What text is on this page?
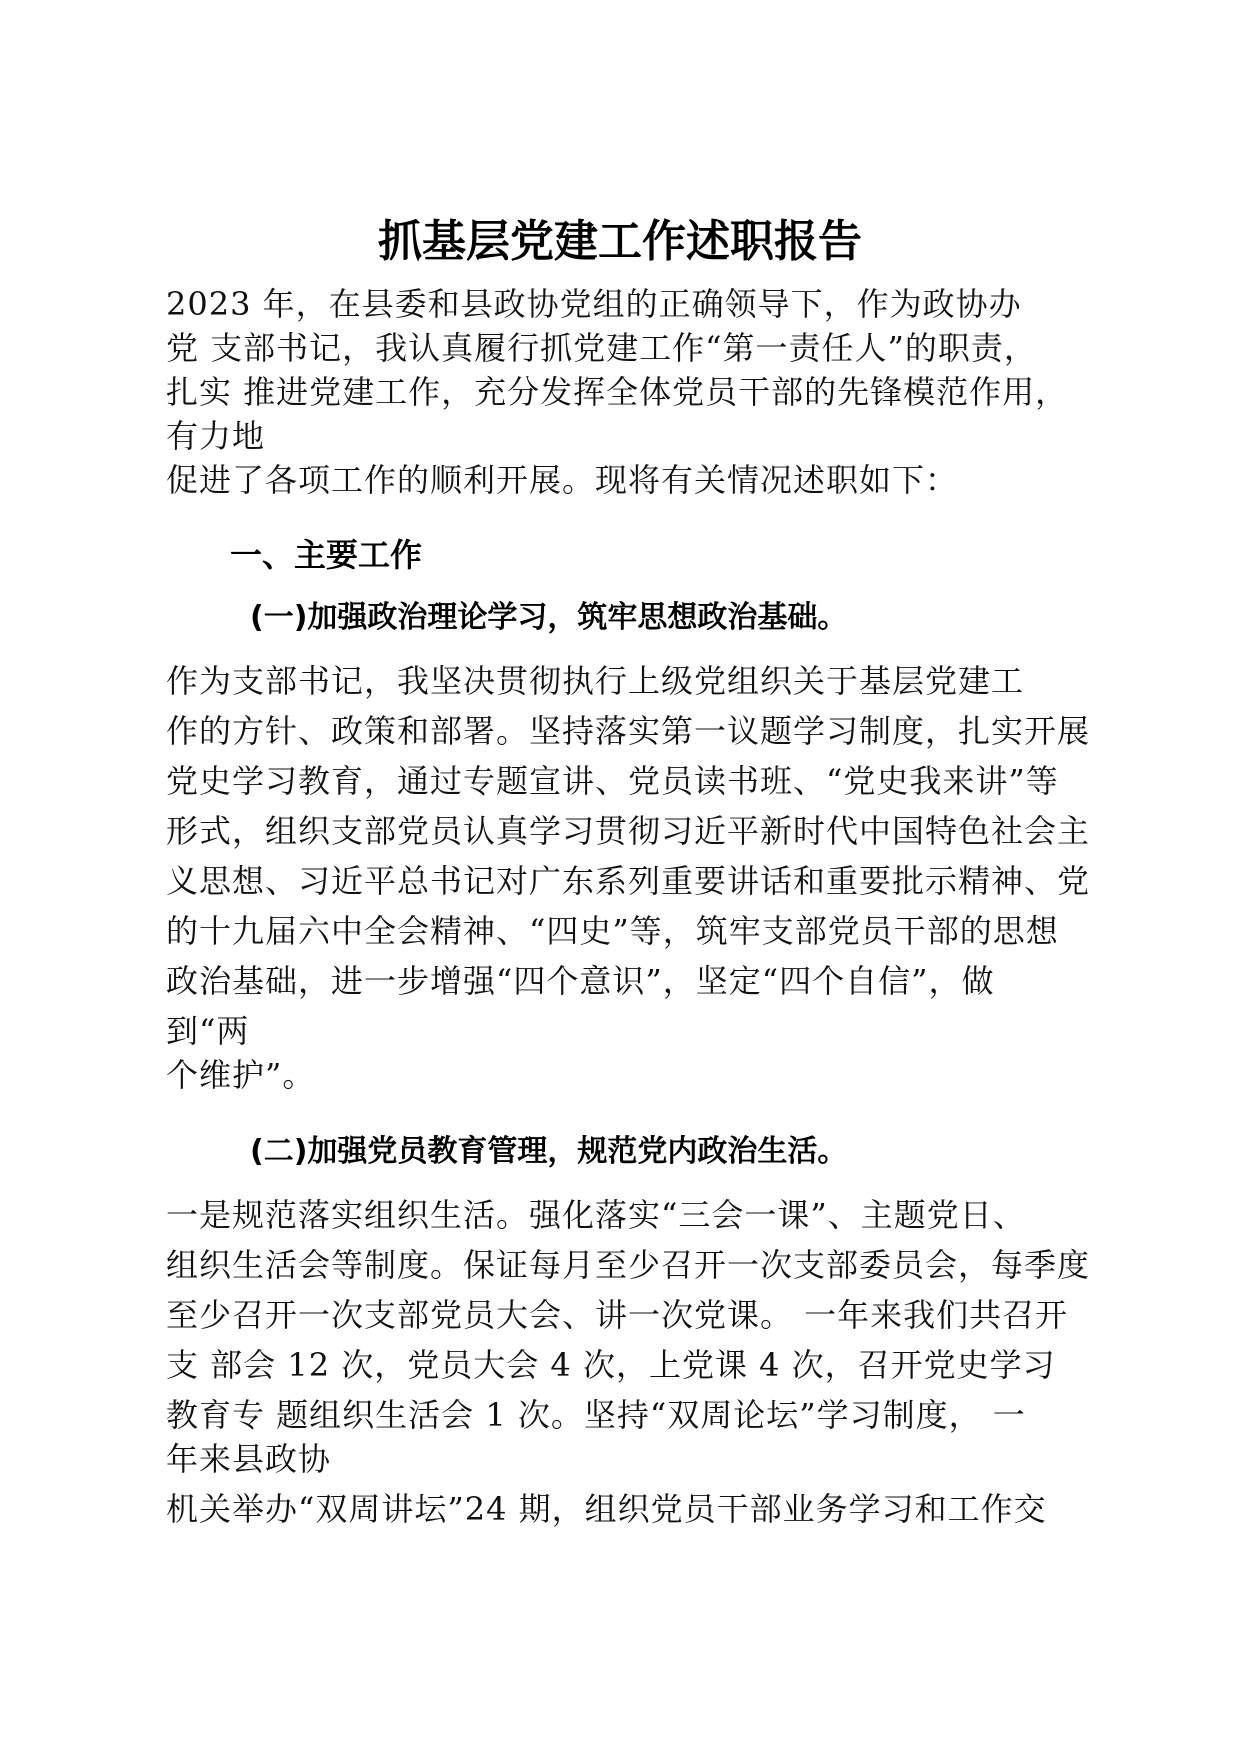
抓基层党建工作述职报告

2023 年，在县委和县政协党组的正确领导下，作为政协办

党 支部书记，我认真履行抓党建工作“第一责任人”的职责，

扎实 推进党建工作，充分发挥全体党员干部的先锋模范作用，

有力地

促进了各项工作的顺利开展。现将有关情况述职如下：

一、主要工作
(一)加强政治理论学习，筑牢思想政治基础。

作为支部书记，我坚决贯彻执行上级党组织关于基层党建工

作的方针、政策和部署。坚持落实第一议题学习制度，扎实开展

党史学习教育，通过专题宣讲、党员读书班、“党史我来讲”等

形式，组织支部党员认真学习贯彻习近平新时代中国特色社会主

义思想、习近平总书记对广东系列重要讲话和重要批示精神、党

的十九届六中全会精神、“四史”等，筑牢支部党员干部的思想

政治基础，进一步增强“四个意识”，坚定“四个自信”，做

到“两

个维护”。

(二)加强党员教育管理，规范党内政治生活。

一是规范落实组织生活。强化落实“三会一课”、主题党日、

组织生活会等制度。保证每月至少召开一次支部委员会，每季度

至少召开一次支部党员大会、讲一次党课。 一年来我们共召开

支 部会 12 次，党员大会 4 次，上党课 4 次，召开党史学习

教育专 题组织生活会 1 次。坚持“双周论坛”学习制度， 一

年来县政协

机关举办“双周讲坛”24 期，组织党员干部业务学习和工作交
